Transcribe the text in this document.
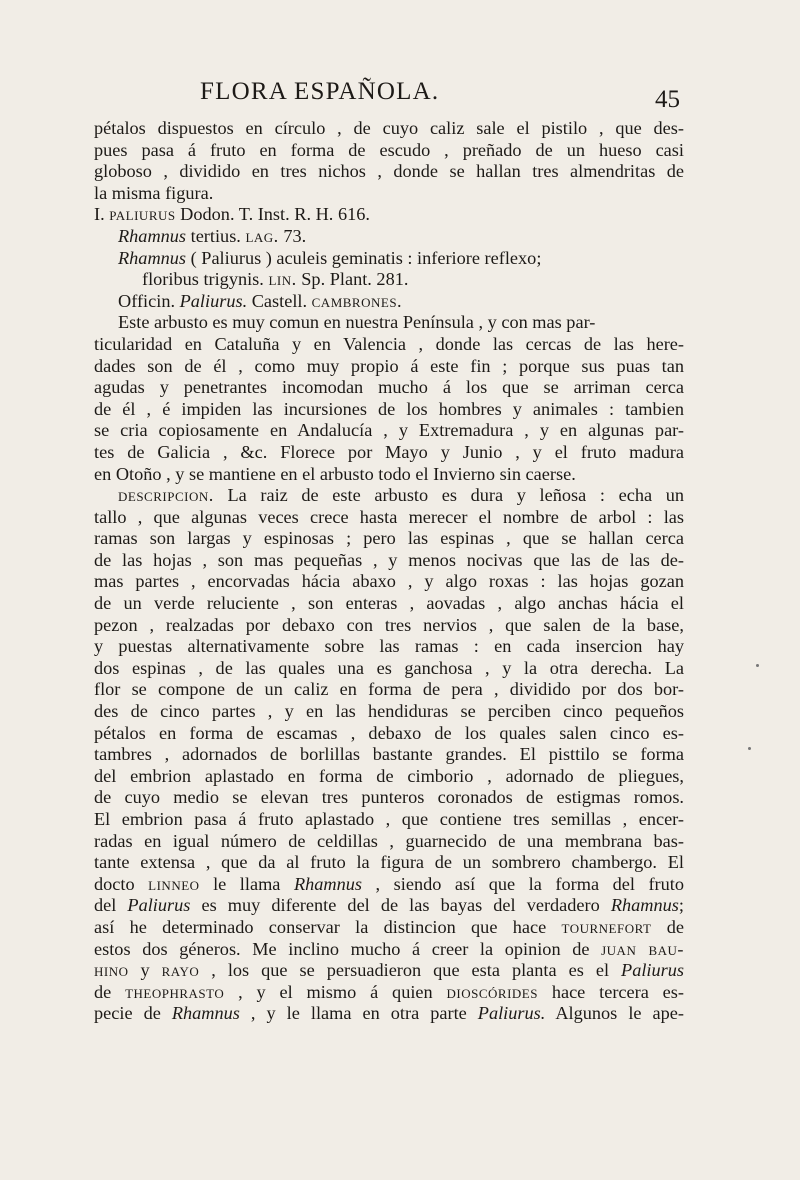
FLORA ESPAÑOLA.	45
pétalos dispuestos en círculo , de cuyo caliz sale el pistilo , que des-
pues pasa á fruto en forma de escudo , preñado de un hueso casi
globoso , dividido en tres nichos , donde se hallan tres almendritas de
la misma figura.
I. paliurus Dodon. T. Inst. R. H. 616.
Rhamnus tertius. lag. 73.
Rhamnus ( Paliurus ) aculeis geminatis : inferiore reflexo;
floribus trigynis. lin. Sp. Plant. 281.
Officin. Paliurus. Castell. cambrones.
Este arbusto es muy comun en nuestra Península , y con mas par-
ticularidad en Cataluña y en Valencia , donde las cercas de las here-
dades son de él , como muy propio á este fin ; porque sus puas tan
agudas y penetrantes incomodan mucho á los que se arriman cerca
de él , é impiden las incursiones de los hombres y animales : tambien
se cria copiosamente en Andalucía , y Extremadura , y en algunas par-
tes de Galicia , &c. Florece por Mayo y Junio , y el fruto madura
en Otoño , y se mantiene en el arbusto todo el Invierno sin caerse.
descripcion. La raiz de este arbusto es dura y leñosa : echa un
tallo , que algunas veces crece hasta merecer el nombre de arbol : las
ramas son largas y espinosas ; pero las espinas , que se hallan cerca
de las hojas , son mas pequeñas , y menos nocivas que las de las de-
mas partes , encorvadas hácia abaxo , y algo roxas : las hojas gozan
de un verde reluciente , son enteras , aovadas , algo anchas hácia el
pezon , realzadas por debaxo con tres nervios , que salen de la base,
y puestas alternativamente sobre las ramas : en cada insercion hay
dos espinas , de las quales una es ganchosa , y la otra derecha. La
flor se compone de un caliz en forma de pera , dividido por dos bor-
des de cinco partes , y en las hendiduras se perciben cinco pequeños
pétalos en forma de escamas , debaxo de los quales salen cinco es-
tambres , adornados de borlillas bastante grandes. El pisttilo se forma
del embrion aplastado en forma de cimborio , adornado de pliegues,
de cuyo medio se elevan tres punteros coronados de estigmas romos.
El embrion pasa á fruto aplastado , que contiene tres semillas , encer-
radas en igual número de celdillas , guarnecido de una membrana bas-
tante extensa , que da al fruto la figura de un sombrero chambergo. El
docto linneo le llama Rhamnus , siendo así que la forma del fruto
del Paliurus es muy diferente del de las bayas del verdadero Rhamnus;
así he determinado conservar la distincion que hace tournefort de
estos dos géneros. Me inclino mucho á creer la opinion de juan bau-
hino y rayo , los que se persuadieron que esta planta es el Paliurus
de theophrasto , y el mismo á quien dioscórides hace tercera es-
pecie de Rhamnus , y le llama en otra parte Paliurus. Algunos le ape-
